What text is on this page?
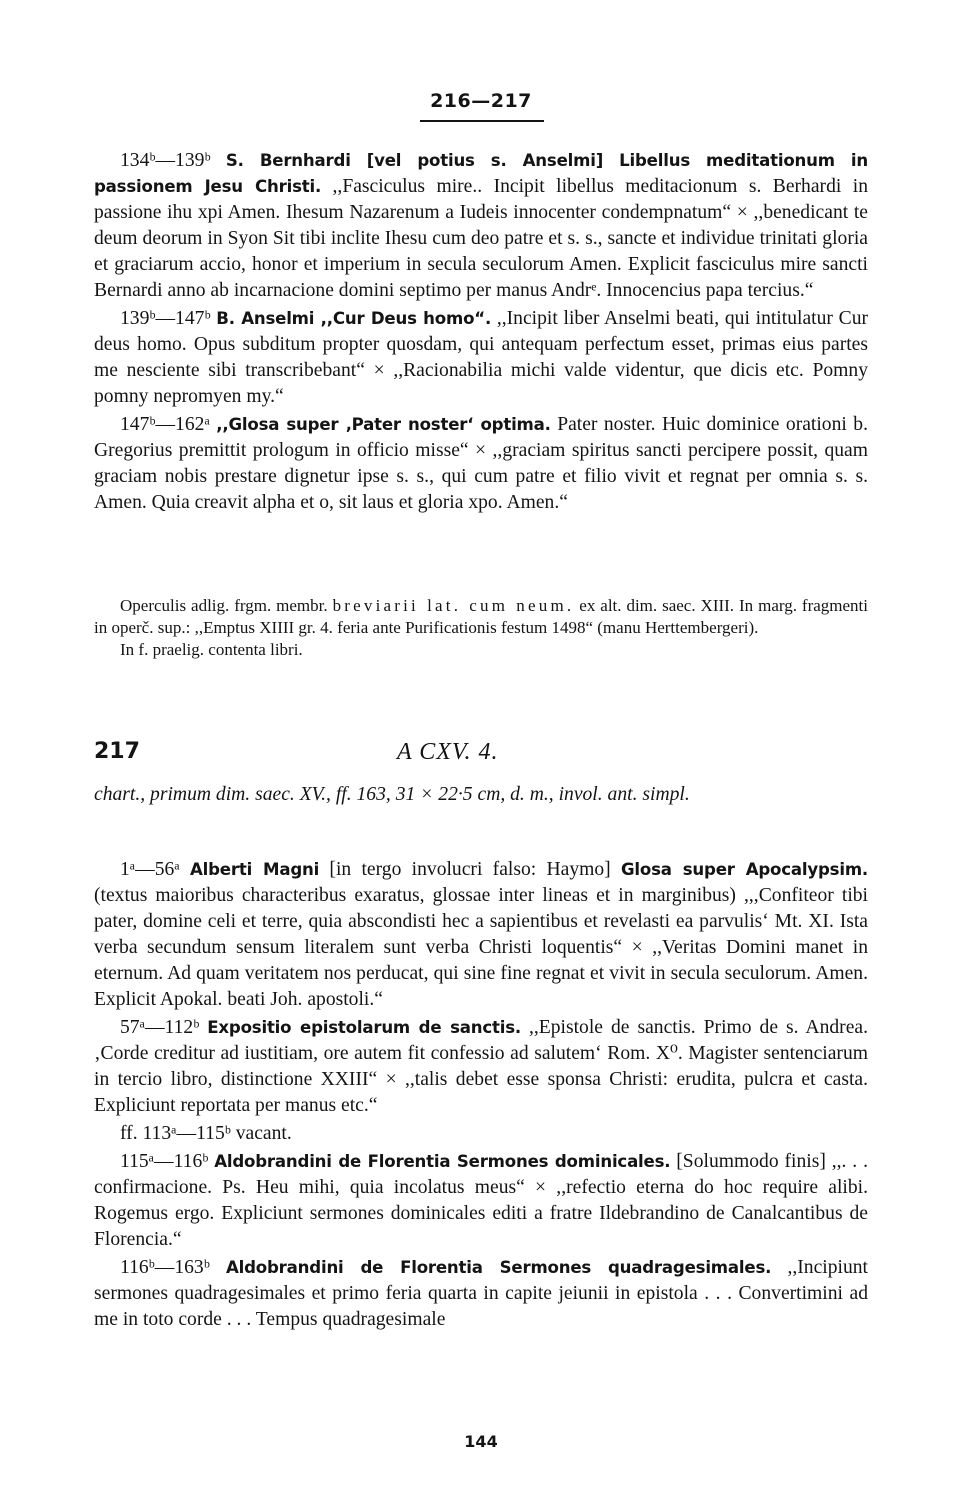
216—217

134ᵇ—139ᵇ S. Bernhardi [vel potius s. Anselmi] Libellus meditationum in passionem Jesu Christi. ,,Fasciculus mire.. Incipit libellus meditacionum s. Berhardi in passione ihu xpi Amen. Ihesum Nazarenum a Iudeis innocenter condempnatum“ × ,,benedicant te deum deorum in Syon Sit tibi inclite Ihesu cum deo patre et s. s., sancte et individue trinitati gloria et graciarum accio, honor et imperium in secula seculorum Amen. Explicit fasciculus mire sancti Bernardi anno ab incarnacione domini septimo per manus Andrᵉ. Innocencius papa tercius.“

139ᵇ—147ᵇ B. Anselmi ,,Cur Deus homo“. ,,Incipit liber Anselmi beati, qui intitulatur Cur deus homo. Opus subditum propter quosdam, qui antequam perfectum esset, primas eius partes me nesciente sibi transcribebant“ × ,,Racionabilia michi valde videntur, que dicis etc. Pomny pomny nepromyen my.“

147ᵇ—162ᵃ ,,Glosa super ‚Pater noster‘ optima. Pater noster. Huic dominice orationi b. Gregorius premittit prologum in officio misse“ × ,,graciam spiritus sancti percipere possit, quam graciam nobis prestare dignetur ipse s. s., qui cum patre et filio vivit et regnat per omnia s. s. Amen. Quia creavit alpha et o, sit laus et gloria xpo. Amen.“

Operculis adlig. frgm. membr. breviarii lat. cum neum. ex alt. dim. saec. XIII. In marg. fragmenti in operč. sup.: ,,Emptus XIIII gr. 4. feria ante Purificationis festum 1498“ (manu Herttembergeri).

In f. praelig. contenta libri.

217	A CXV. 4.

chart., primum dim. saec. XV., ff. 163, 31 × 22·5 cm, d. m., invol. ant. simpl.

1ᵃ—56ᵃ Alberti Magni [in tergo involucri falso: Haymo] Glosa super Apocalypsim. (textus maioribus characteribus exaratus, glossae inter lineas et in marginibus) ,,,Confiteor tibi pater, domine celi et terre, quia abscondisti hec a sapientibus et revelasti ea parvulis‘ Mt. XI. Ista verba secundum sensum literalem sunt verba Christi loquentis“ × ,,Veritas Domini manet in eternum. Ad quam veritatem nos perducat, qui sine fine regnat et vivit in secula seculorum. Amen. Explicit Apokal. beati Joh. apostoli.“

57ᵃ—112ᵇ Expositio epistolarum de sanctis. ,,Epistole de sanctis. Primo de s. Andrea. ‚Corde creditur ad iustitiam, ore autem fit confessio ad salutem‘ Rom. X⁰. Magister sentenciarum in tercio libro, distinctione XXIII“ × ,,talis debet esse sponsa Christi: erudita, pulcra et casta. Expliciunt reportata per manus etc.“

ff. 113ᵃ—115ᵇ vacant.

115ᵃ—116ᵇ Aldobrandini de Florentia Sermones dominicales. [Solummodo finis] ,,. . . confirmacione. Ps. Heu mihi, quia incolatus meus“ × ,,refectio eterna do hoc require alibi. Rogemus ergo. Expliciunt sermones dominicales editi a fratre Ildebrandino de Canalcantibus de Florencia.“

116ᵇ—163ᵇ Aldobrandini de Florentia Sermones quadragesimales. ,,Incipiunt sermones quadragesimales et primo feria quarta in capite jeiunii in epistola . . . Convertimini ad me in toto corde . . . Tempus quadragesimale

144
